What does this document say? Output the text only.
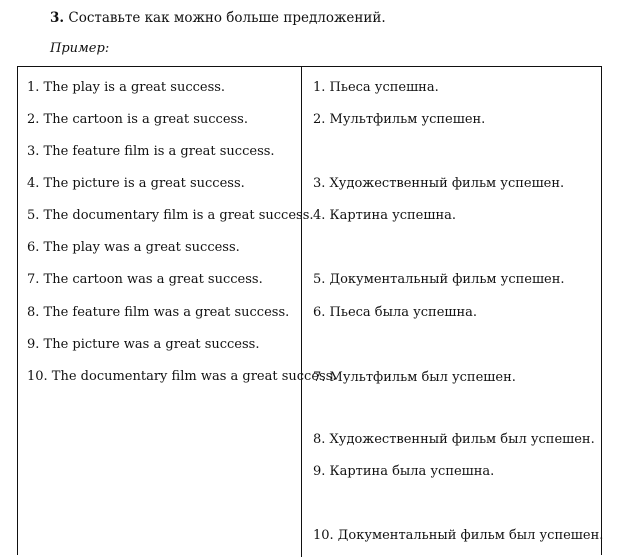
3. Составьте как можно больше предложений.
Пример:
1. The play is a great success.
2. The cartoon is a great success.
3. The feature film is a great success.
4. The picture is a great success.
5. The documentary film is a great success.
6. The play was a great success.
7. The cartoon was a great success.
8. The feature film was a great success.
9. The picture was a great success.
10. The documentary film was a great success.
1. Пьеса успешна.
2. Мультфильм успешен.
3. Художественный фильм успешен.
4. Картина успешна.
5. Документальный фильм успешен.
6. Пьеса была успешна.
7. Мультфильм был успешен.
8. Художественный фильм был успешен.
9. Картина была успешна.
10. Документальный фильм был успешен.
